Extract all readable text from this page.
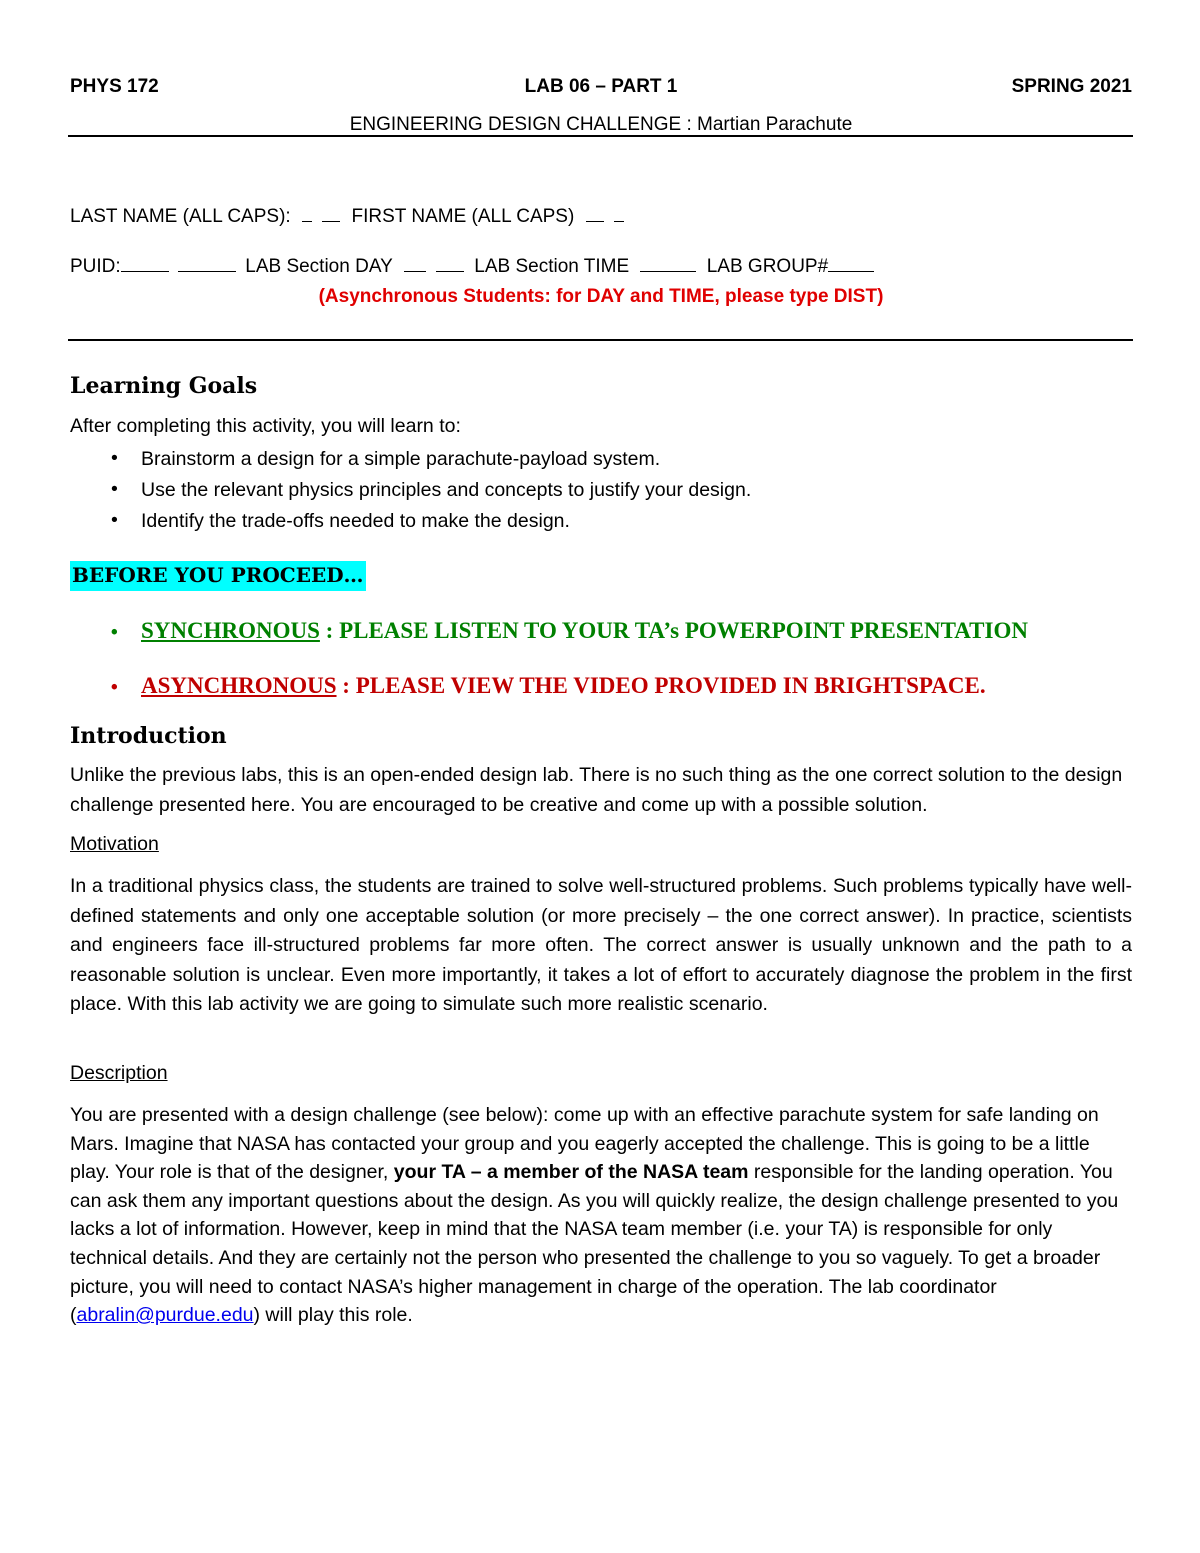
PHYS 172	LAB 06 – PART 1	SPRING 2021
ENGINEERING DESIGN CHALLENGE : Martian Parachute
LAST NAME (ALL CAPS):	FIRST NAME (ALL CAPS)
PUID:	LAB Section DAY	LAB Section TIME	LAB GROUP#
(Asynchronous Students: for DAY and TIME, please type DIST)
Learning Goals
After completing this activity, you will learn to:
• Brainstorm a design for a simple parachute-payload system.
• Use the relevant physics principles and concepts to justify your design.
• Identify the trade-offs needed to make the design.
BEFORE YOU PROCEED…
• SYNCHRONOUS : PLEASE LISTEN TO YOUR TA’s POWERPOINT PRESENTATION
• ASYNCHRONOUS : PLEASE VIEW THE VIDEO PROVIDED IN BRIGHTSPACE.
Introduction
Unlike the previous labs, this is an open-ended design lab. There is no such thing as the one correct solution to the design challenge presented here. You are encouraged to be creative and come up with a possible solution.
Motivation
In a traditional physics class, the students are trained to solve well-structured problems. Such problems typically have well-defined statements and only one acceptable solution (or more precisely – the one correct answer). In practice, scientists and engineers face ill-structured problems far more often. The correct answer is usually unknown and the path to a reasonable solution is unclear. Even more importantly, it takes a lot of effort to accurately diagnose the problem in the first place. With this lab activity we are going to simulate such more realistic scenario.
Description
You are presented with a design challenge (see below): come up with an effective parachute system for safe landing on Mars. Imagine that NASA has contacted your group and you eagerly accepted the challenge. This is going to be a little play. Your role is that of the designer, your TA – a member of the NASA team responsible for the landing operation. You can ask them any important questions about the design. As you will quickly realize, the design challenge presented to you lacks a lot of information. However, keep in mind that the NASA team member (i.e. your TA) is responsible for only technical details. And they are certainly not the person who presented the challenge to you so vaguely. To get a broader picture, you will need to contact NASA’s higher management in charge of the operation. The lab coordinator (abralin@purdue.edu) will play this role.
